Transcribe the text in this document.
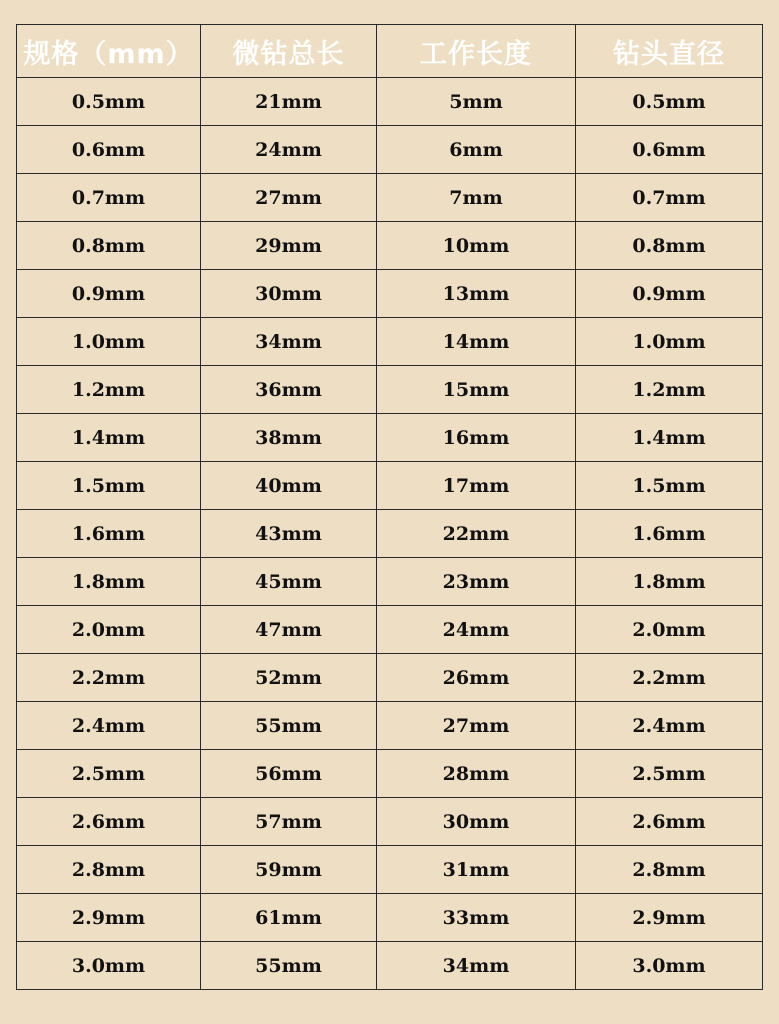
规格（mm）	微钻总长	工作长度	钻头直径
0.5mm	21mm	5mm	0.5mm
0.6mm	24mm	6mm	0.6mm
0.7mm	27mm	7mm	0.7mm
0.8mm	29mm	10mm	0.8mm
0.9mm	30mm	13mm	0.9mm
1.0mm	34mm	14mm	1.0mm
1.2mm	36mm	15mm	1.2mm
1.4mm	38mm	16mm	1.4mm
1.5mm	40mm	17mm	1.5mm
1.6mm	43mm	22mm	1.6mm
1.8mm	45mm	23mm	1.8mm
2.0mm	47mm	24mm	2.0mm
2.2mm	52mm	26mm	2.2mm
2.4mm	55mm	27mm	2.4mm
2.5mm	56mm	28mm	2.5mm
2.6mm	57mm	30mm	2.6mm
2.8mm	59mm	31mm	2.8mm
2.9mm	61mm	33mm	2.9mm
3.0mm	55mm	34mm	3.0mm
